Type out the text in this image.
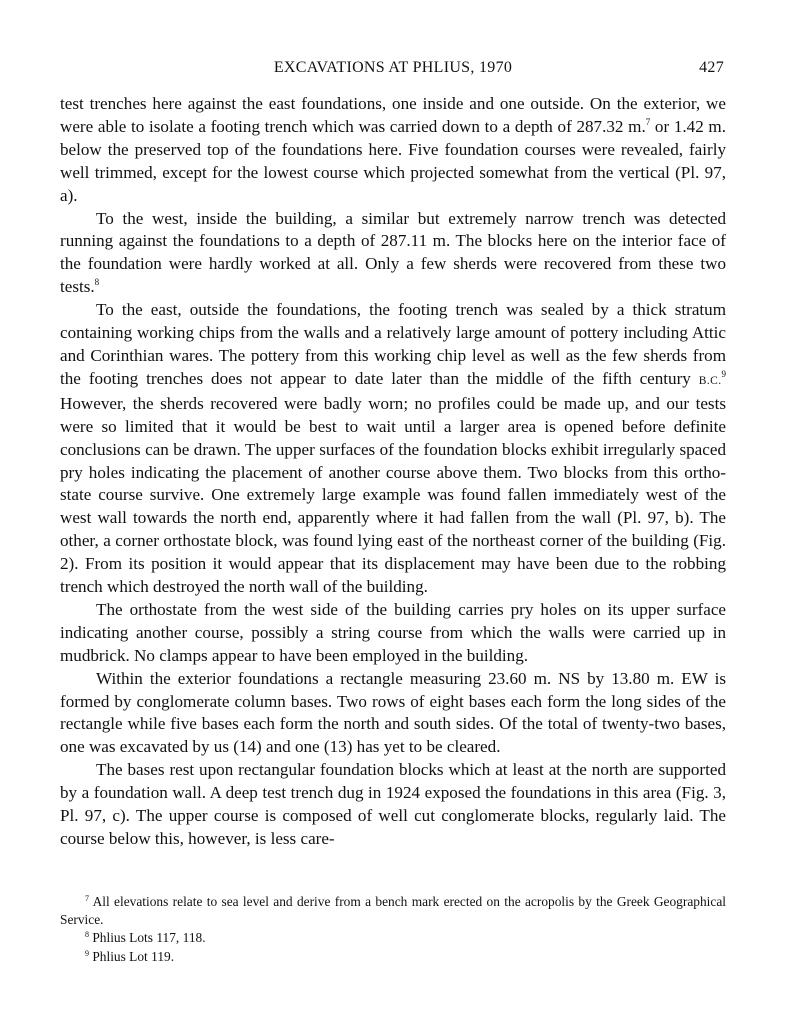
EXCAVATIONS AT PHLIUS, 1970	427

test trenches here against the east foundations, one inside and one outside. On the exterior, we were able to isolate a footing trench which was carried down to a depth of 287.32 m.$^7$ or 1.42 m. below the preserved top of the foundations here. Five foundation courses were revealed, fairly well trimmed, except for the lowest course which projected somewhat from the vertical (Pl. 97, a).

To the west, inside the building, a similar but extremely narrow trench was detected running against the foundations to a depth of 287.11 m. The blocks here on the interior face of the foundation were hardly worked at all. Only a few sherds were recovered from these two tests.$^8$

To the east, outside the foundations, the footing trench was sealed by a thick stratum containing working chips from the walls and a relatively large amount of pottery including Attic and Corinthian wares. The pottery from this working chip level as well as the few sherds from the footing trenches does not appear to date later than the middle of the fifth century B.C.$^9$ However, the sherds recovered were badly worn; no profiles could be made up, and our tests were so limited that it would be best to wait until a larger area is opened before definite conclusions can be drawn. The upper surfaces of the foundation blocks exhibit irregularly spaced pry holes indicating the placement of another course above them. Two blocks from this orthostate course survive. One extremely large example was found fallen immediately west of the west wall towards the north end, apparently where it had fallen from the wall (Pl. 97, b). The other, a corner orthostate block, was found lying east of the northeast corner of the building (Fig. 2). From its position it would appear that its displacement may have been due to the robbing trench which destroyed the north wall of the building.

The orthostate from the west side of the building carries pry holes on its upper surface indicating another course, possibly a string course from which the walls were carried up in mudbrick. No clamps appear to have been employed in the building.

Within the exterior foundations a rectangle measuring 23.60 m. NS by 13.80 m. EW is formed by conglomerate column bases. Two rows of eight bases each form the long sides of the rectangle while five bases each form the north and south sides. Of the total of twenty-two bases, one was excavated by us (14) and one (13) has yet to be cleared.

The bases rest upon rectangular foundation blocks which at least at the north are supported by a foundation wall. A deep test trench dug in 1924 exposed the foundations in this area (Fig. 3, Pl. 97, c). The upper course is composed of well cut conglomerate blocks, regularly laid. The course below this, however, is less care-

$^7$ All elevations relate to sea level and derive from a bench mark erected on the acropolis by the Greek Geographical Service.

$^8$ Phlius Lots 117, 118.

$^9$ Phlius Lot 119.
